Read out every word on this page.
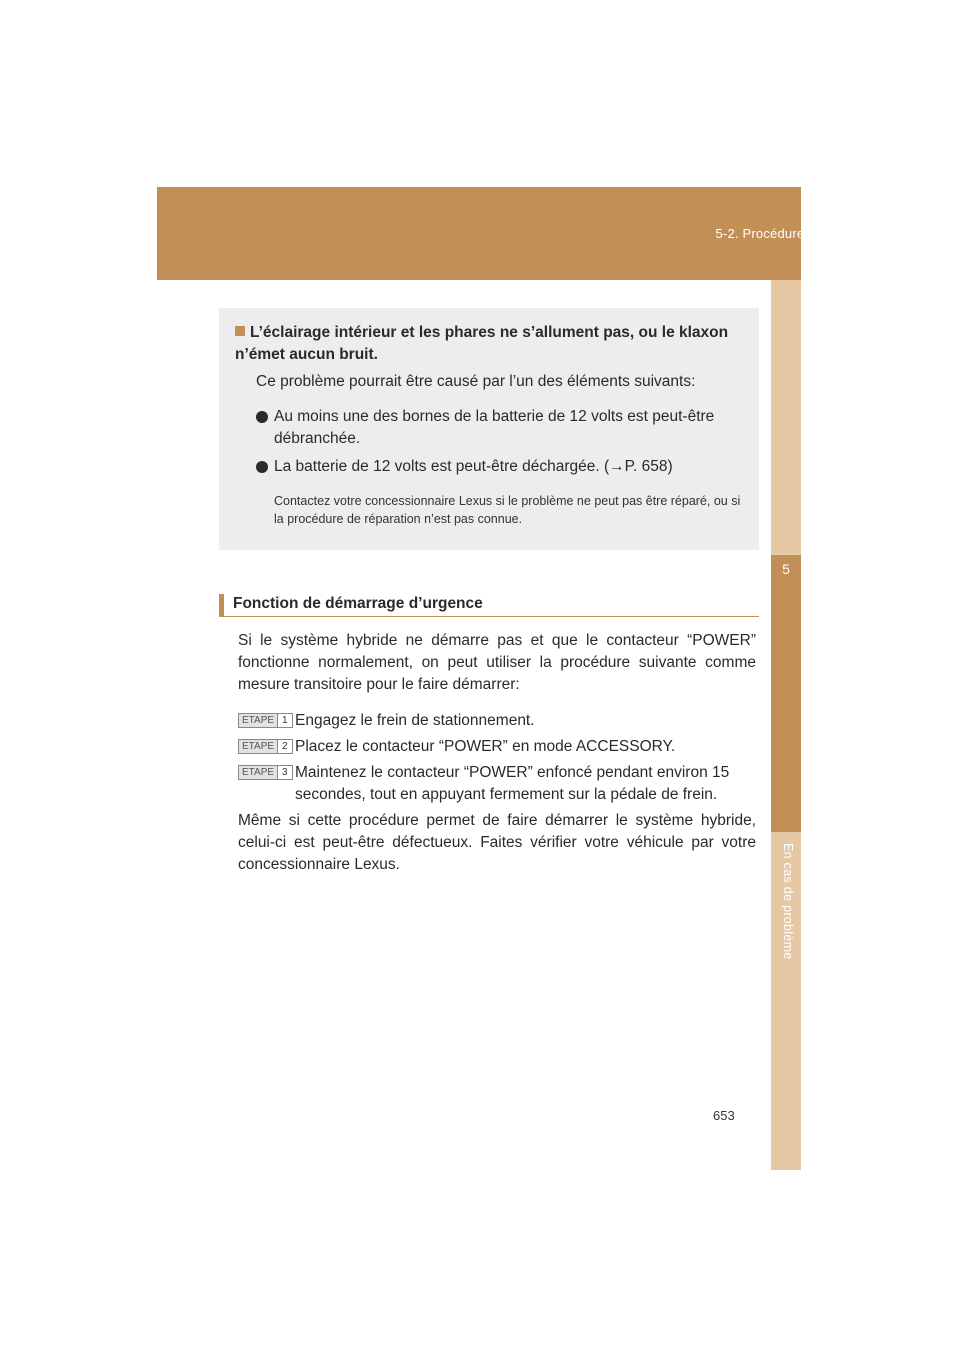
5-2. Procédures en cas d’urgence
5
En cas de problème
L’éclairage intérieur et les phares ne s’allument pas, ou le klaxon n’émet aucun bruit.
Ce problème pourrait être causé par l’un des éléments suivants:
Au moins une des bornes de la batterie de 12 volts est peut-être débranchée.
La batterie de 12 volts est peut-être déchargée. (→P. 658)
Contactez votre concessionnaire Lexus si le problème ne peut pas être réparé, ou si la procédure de réparation n’est pas connue.
Fonction de démarrage d’urgence
Si le système hybride ne démarre pas et que le contacteur “POWER” fonctionne normalement, on peut utiliser la procédure suivante comme mesure transitoire pour le faire démarrer:
ETAPE 1 Engagez le frein de stationnement.
ETAPE 2 Placez le contacteur “POWER” en mode ACCESSORY.
ETAPE 3 Maintenez le contacteur “POWER” enfoncé pendant environ 15 secondes, tout en appuyant fermement sur la pédale de frein.
Même si cette procédure permet de faire démarrer le système hybride, celui-ci est peut-être défectueux. Faites vérifier votre véhicule par votre concessionnaire Lexus.
653
